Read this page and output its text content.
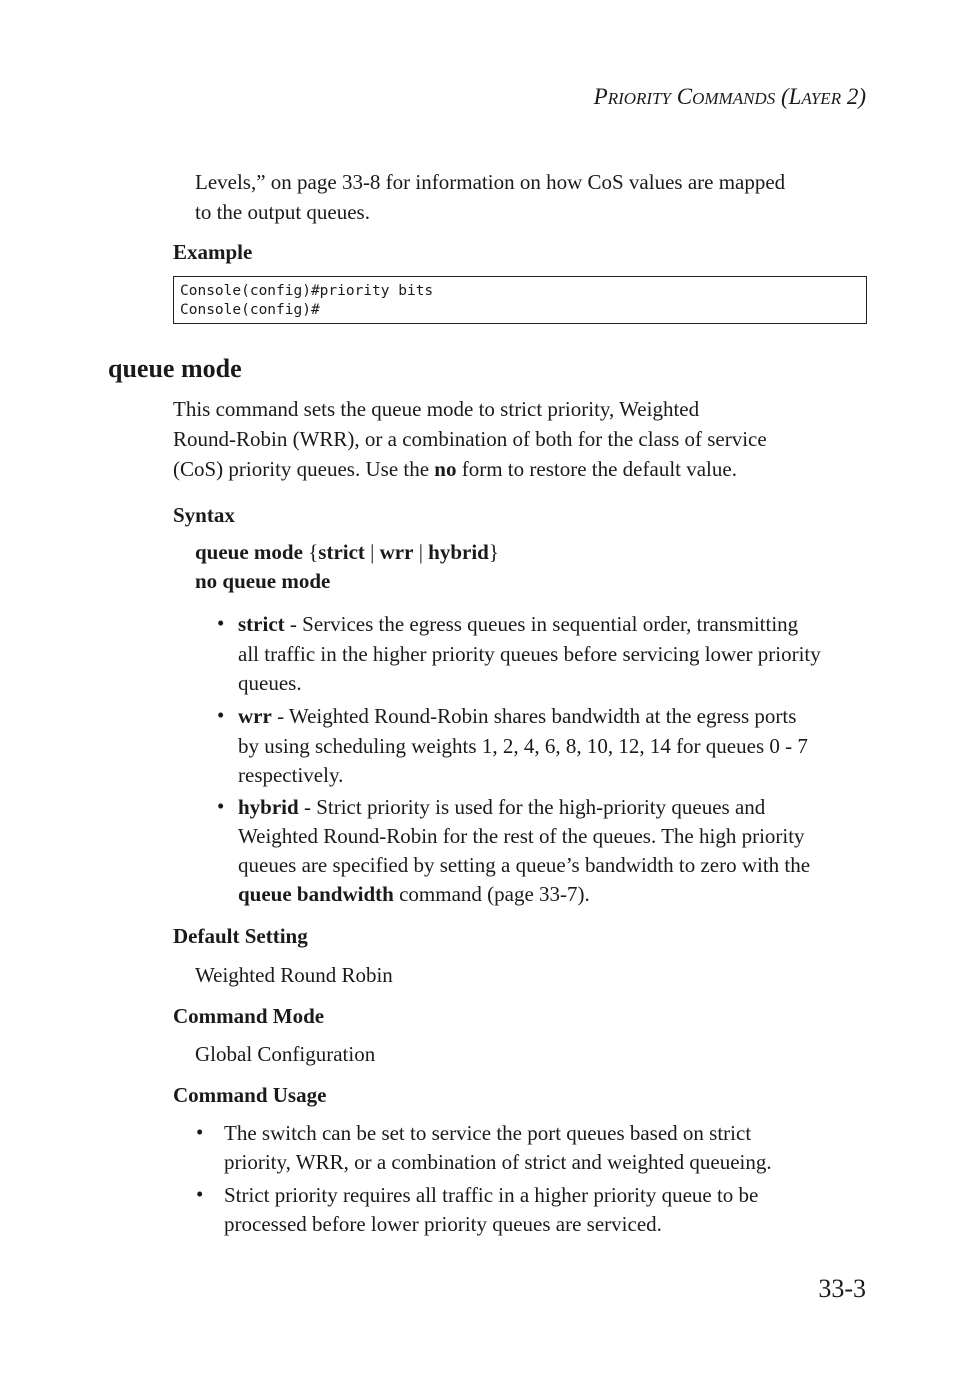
PRIORITY COMMANDS (LAYER 2)
Levels,” on page 33-8 for information on how CoS values are mapped
to the output queues.
Example
Console(config)#priority bits
Console(config)#
queue mode
This command sets the queue mode to strict priority, Weighted
Round-Robin (WRR), or a combination of both for the class of service
(CoS) priority queues. Use the no form to restore the default value.
Syntax
queue mode {strict | wrr | hybrid}
no queue mode
• strict - Services the egress queues in sequential order, transmitting
all traffic in the higher priority queues before servicing lower priority
queues.
• wrr - Weighted Round-Robin shares bandwidth at the egress ports
by using scheduling weights 1, 2, 4, 6, 8, 10, 12, 14 for queues 0 - 7
respectively.
• hybrid - Strict priority is used for the high-priority queues and
Weighted Round-Robin for the rest of the queues. The high priority
queues are specified by setting a queue’s bandwidth to zero with the
queue bandwidth command (page 33-7).
Default Setting
Weighted Round Robin
Command Mode
Global Configuration
Command Usage
• The switch can be set to service the port queues based on strict
priority, WRR, or a combination of strict and weighted queueing.
• Strict priority requires all traffic in a higher priority queue to be
processed before lower priority queues are serviced.
33-3
